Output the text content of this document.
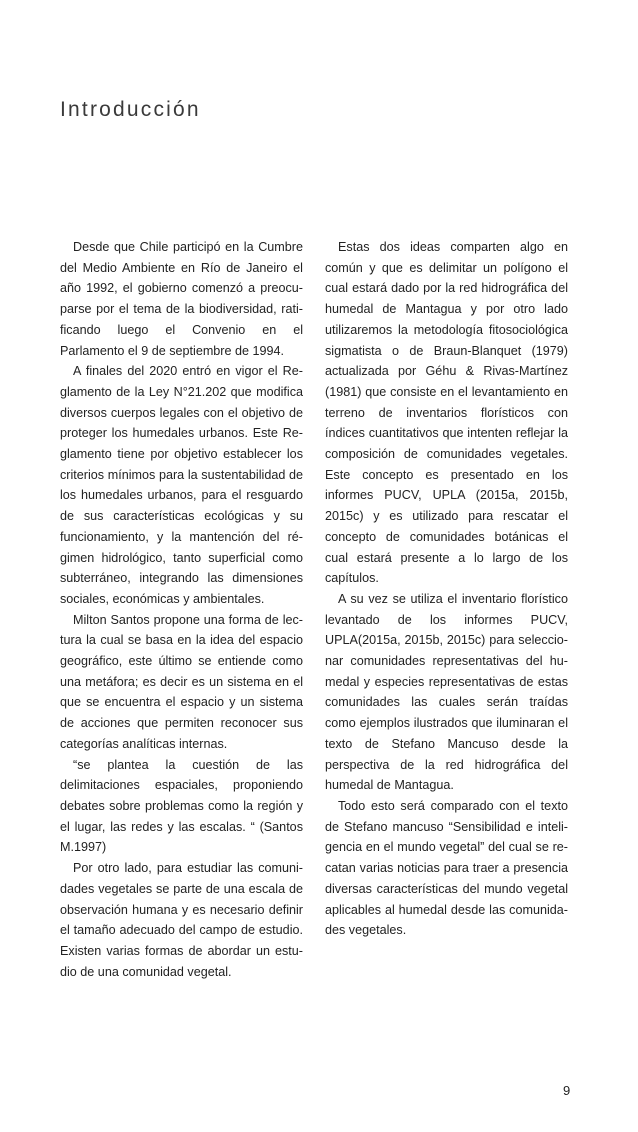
Introducción

Desde que Chile participó en la Cumbre del Medio Ambiente en Río de Janeiro el año 1992, el gobierno comenzó a preocuparse por el tema de la biodiversidad, ratificando luego el Convenio en el Parlamento el 9 de septiembre de 1994.

A finales del 2020 entró en vigor el Reglamento de la Ley N°21.202 que modifica diversos cuerpos legales con el objetivo de proteger los humedales urbanos. Este Reglamento tiene por objetivo establecer los criterios mínimos para la sustentabilidad de los humedales urbanos, para el resguardo de sus características ecológicas y su funcionamiento, y la mantención del régimen hidrológico, tanto superficial como subterráneo, integrando las dimensiones sociales, económicas y ambientales.

Milton Santos propone una forma de lectura la cual se basa en la idea del espacio geográfico, este último se entiende como una metáfora; es decir es un sistema en el que se encuentra el espacio y un sistema de acciones que permiten reconocer sus categorías analíticas internas.

“se plantea la cuestión de las delimitaciones espaciales, proponiendo debates sobre problemas como la región y el lugar, las redes y las escalas. “ (Santos M.1997)

Por otro lado, para estudiar las comunidades vegetales se parte de una escala de observación humana y es necesario definir el tamaño adecuado del campo de estudio. Existen varias formas de abordar un estudio de una comunidad vegetal.

Estas dos ideas comparten algo en común y que es delimitar un polígono el cual estará dado por la red hidrográfica del humedal de Mantagua y por otro lado utilizaremos la metodología fitosociológica sigmatista o de Braun-Blanquet (1979) actualizada por Géhu & Rivas-Martínez (1981) que consiste en el levantamiento en terreno de inventarios florísticos con índices cuantitativos que intenten reflejar la composición de comunidades vegetales. Este concepto es presentado en los informes PUCV, UPLA (2015a, 2015b, 2015c) y es utilizado para rescatar el concepto de comunidades botánicas el cual estará presente a lo largo de los capítulos.

A su vez se utiliza el inventario florístico levantado de los informes PUCV, UPLA(2015a, 2015b, 2015c) para seleccionar comunidades representativas del humedal y especies representativas de estas comunidades las cuales serán traídas como ejemplos ilustrados que iluminaran el texto de Stefano Mancuso desde la perspectiva de la red hidrográfica del humedal de Mantagua.

Todo esto será comparado con el texto de Stefano mancuso “Sensibilidad e inteligencia en el mundo vegetal” del cual se recatan varias noticias para traer a presencia diversas características del mundo vegetal aplicables al humedal desde las comunidades vegetales.

9
